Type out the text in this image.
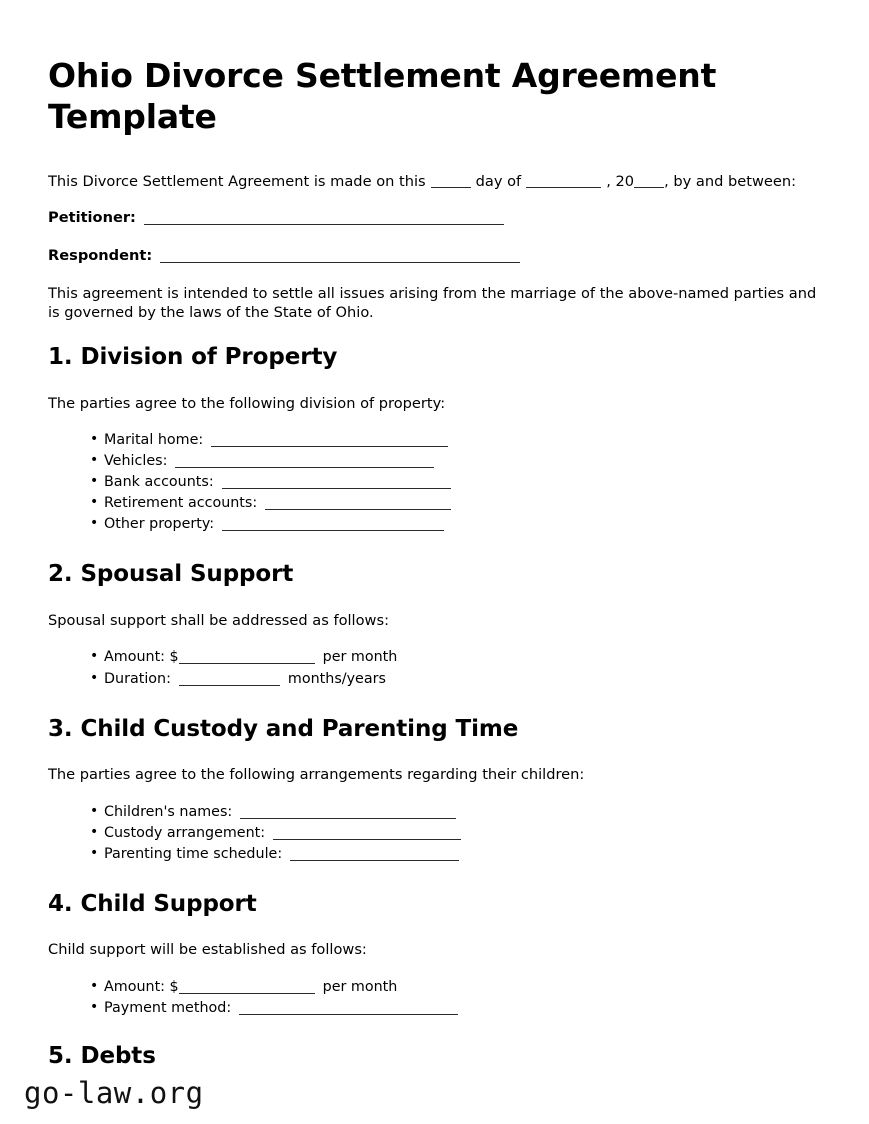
Ohio Divorce Settlement Agreement Template

This Divorce Settlement Agreement is made on this	day of	, 20 , by and between:

Petitioner:
Respondent:

This agreement is intended to settle all issues arising from the marriage of the above-named parties and is governed by the laws of the State of Ohio.

1. Division of Property

The parties agree to the following division of property:

• Marital home:
• Vehicles:
• Bank accounts:
• Retirement accounts:
• Other property:
2. Spousal Support

Spousal support shall be addressed as follows:

• Amount: $	per month
• Duration:	months/years
3. Child Custody and Parenting Time

The parties agree to the following arrangements regarding their children:

• Children's names:
• Custody arrangement:
• Parenting time schedule:
4. Child Support

Child support will be established as follows:

• Amount: $	per month
• Payment method:
5. Debts
go-law.org
